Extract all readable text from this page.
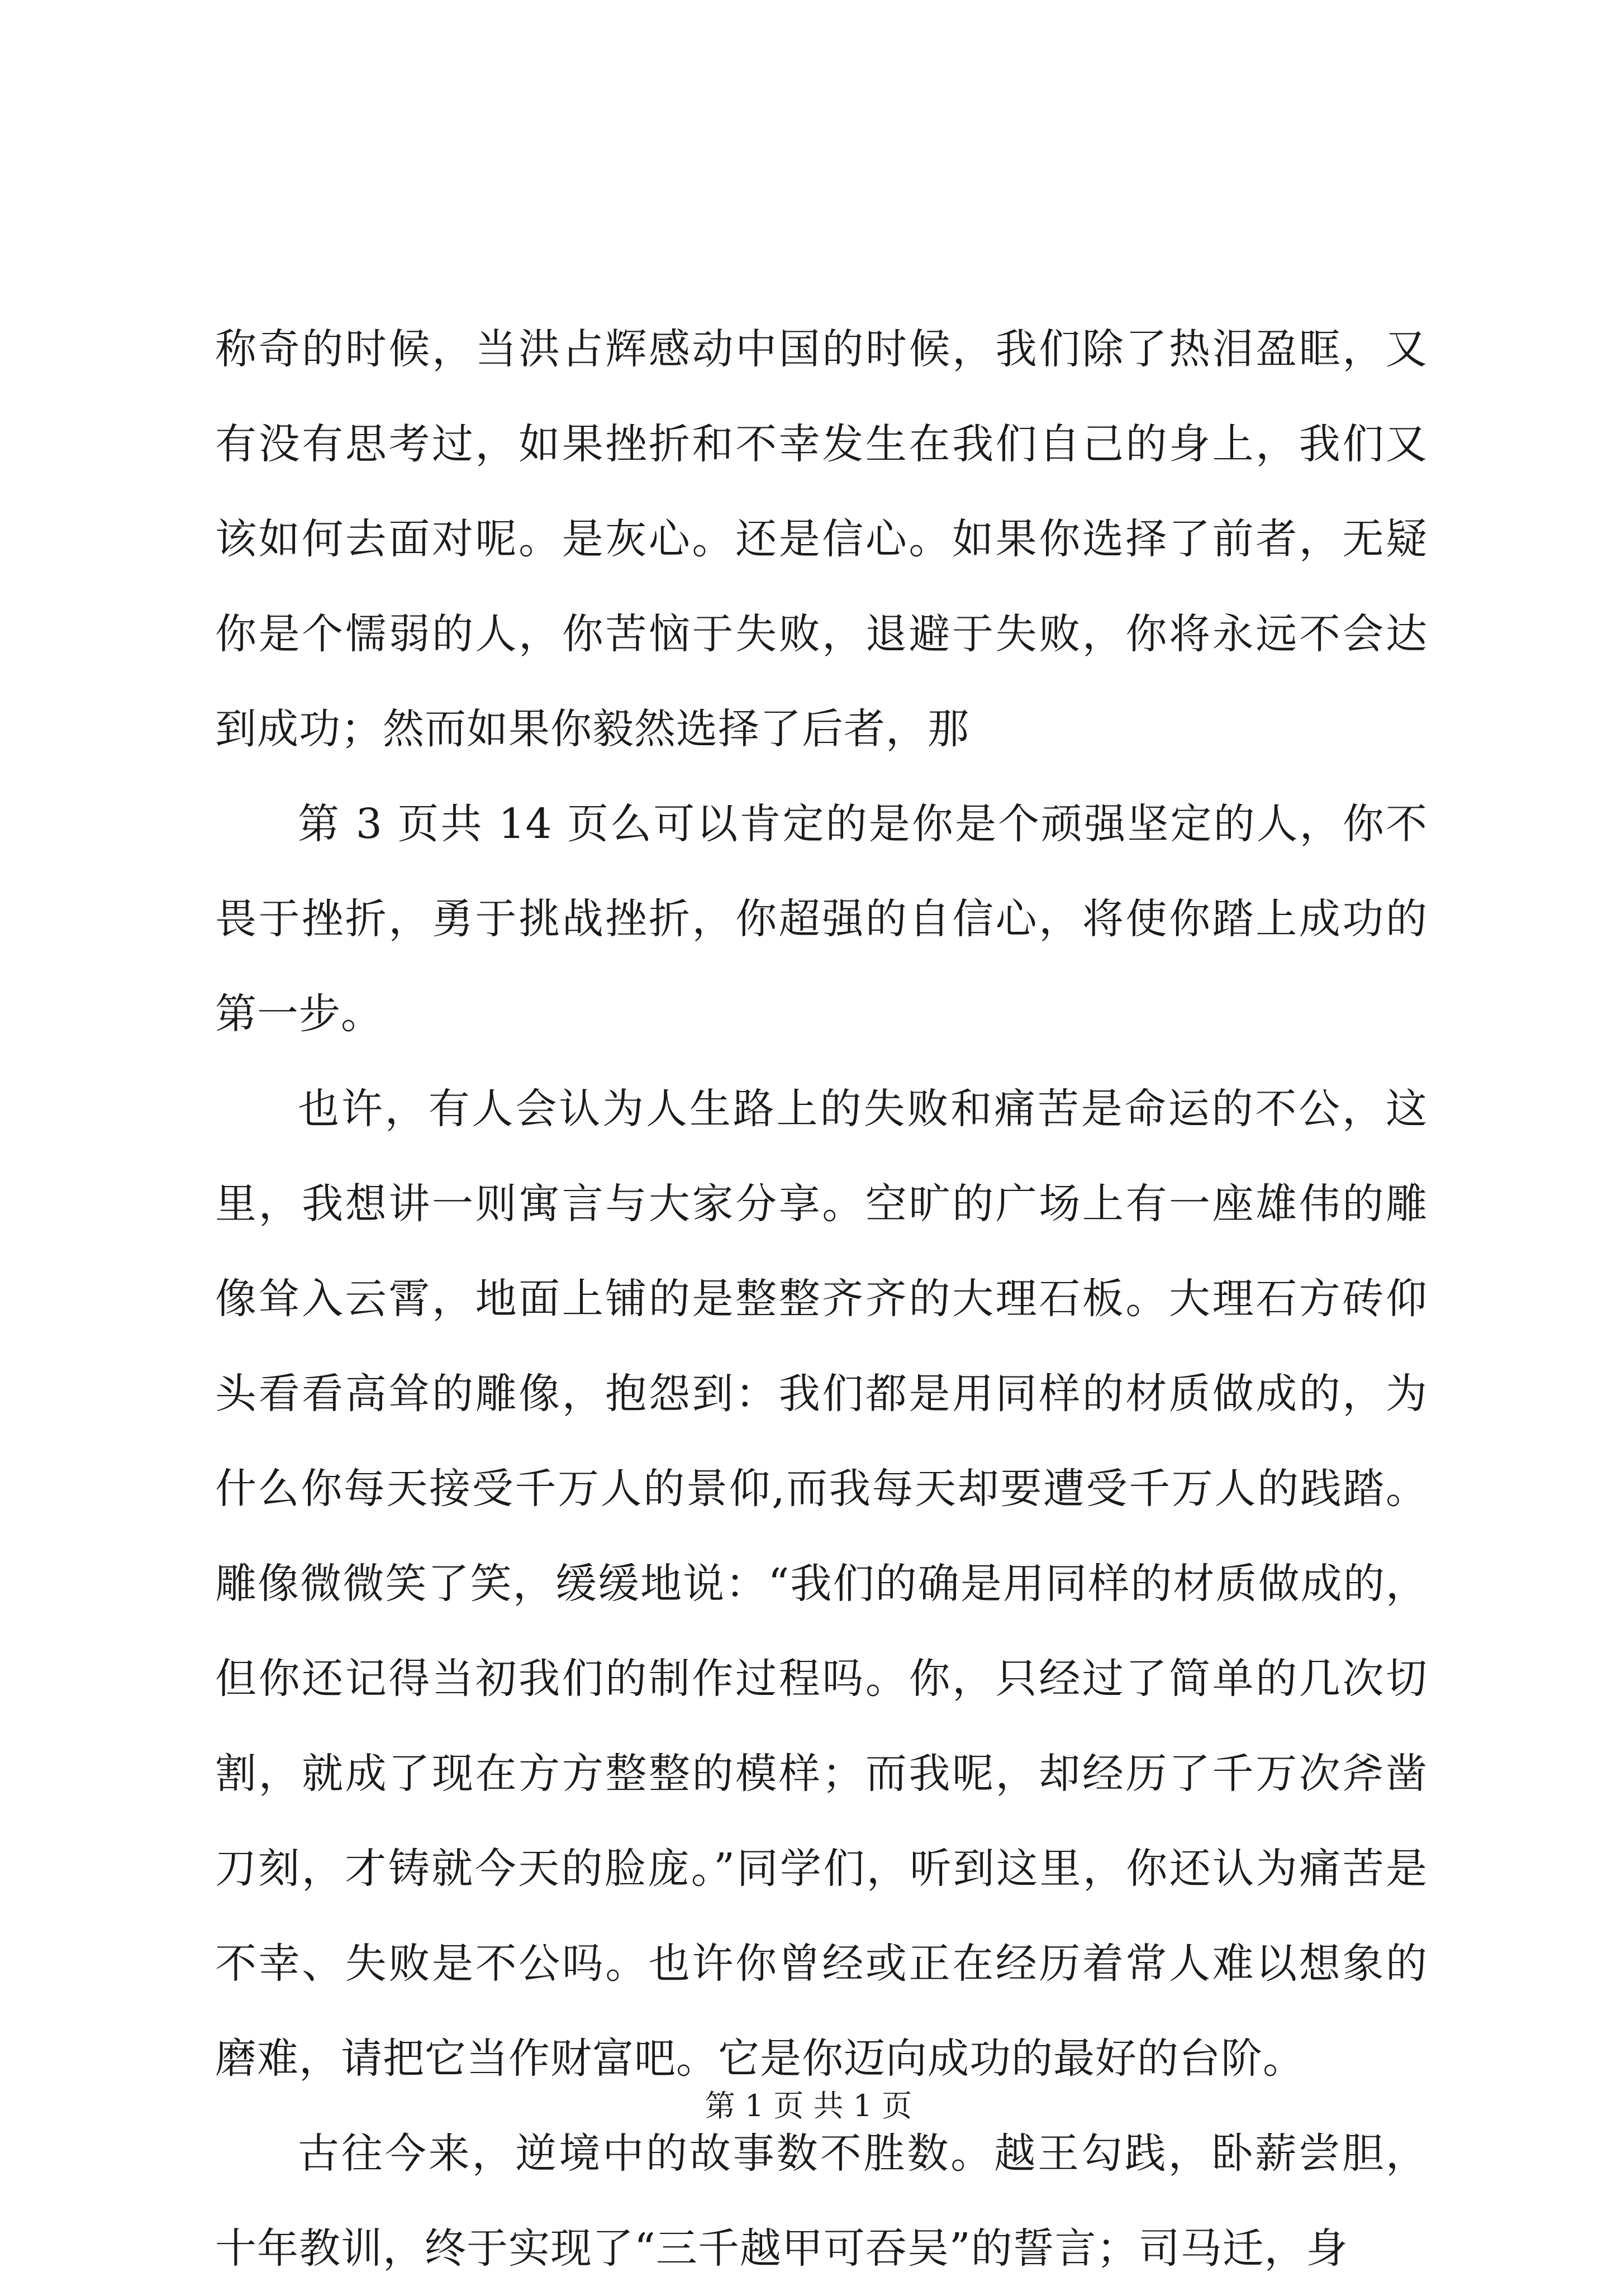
称奇的时候，当洪占辉感动中国的时候，我们除了热泪盈眶，又有没有思考过，如果挫折和不幸发生在我们自己的身上，我们又该如何去面对呢。是灰心。还是信心。如果你选择了前者，无疑你是个懦弱的人，你苦恼于失败，退避于失败，你将永远不会达到成功；然而如果你毅然选择了后者，那

第 3 页共 14 页么可以肯定的是你是个顽强坚定的人，你不畏于挫折，勇于挑战挫折，你超强的自信心，将使你踏上成功的第一步。

也许，有人会认为人生路上的失败和痛苦是命运的不公，这里，我想讲一则寓言与大家分享。空旷的广场上有一座雄伟的雕像耸入云霄，地面上铺的是整整齐齐的大理石板。大理石方砖仰头看看高耸的雕像，抱怨到：我们都是用同样的材质做成的，为什么你每天接受千万人的景仰,而我每天却要遭受千万人的践踏。雕像微微笑了笑，缓缓地说：“我们的确是用同样的材质做成的，但你还记得当初我们的制作过程吗。你，只经过了简单的几次切割，就成了现在方方整整的模样；而我呢，却经历了千万次斧凿刀刻，才铸就今天的脸庞。”同学们，听到这里，你还认为痛苦是不幸、失败是不公吗。也许你曾经或正在经历着常人难以想象的磨难，请把它当作财富吧。它是你迈向成功的最好的台阶。

古往今来，逆境中的故事数不胜数。越王勾践，卧薪尝胆，十年教训，终于实现了“三千越甲可吞吴”的誓言；司马迁，身

第 1 页 共 1 页
